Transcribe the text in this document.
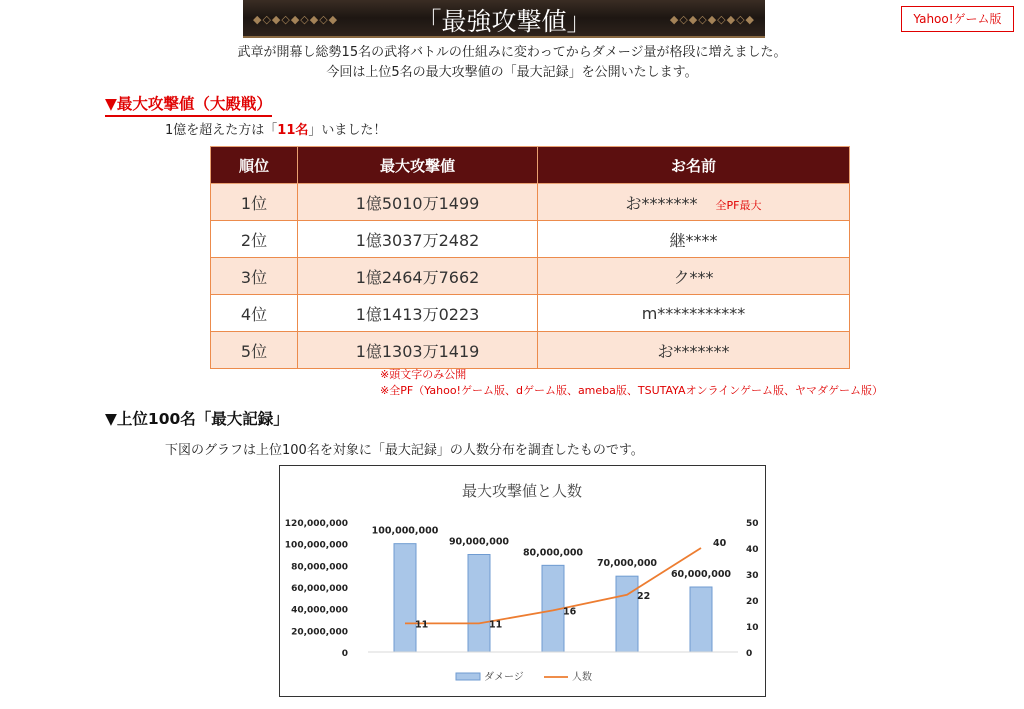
◆◇◆◇◆◇◆◇◆	「最強攻撃値」	◆◇◆◇◆◇◆◇◆	Yahoo!ゲーム版
武章が開幕し総勢15名の武将バトルの仕組みに変わってからダメージ量が格段に増えました。
今回は上位5名の最大攻撃値の「最大記録」を公開いたします。
▼最大攻撃値（大殿戦）
1億を超えた方は「11名」いました！
順位	最大攻撃値	お名前
1位	1億5010万1499	お******* 全PF最大
2位	1億3037万2482	継****
3位	1億2464万7662	ク***
4位	1億1413万0223	m***********
5位	1億1303万1419	お*******
※頭文字のみ公開
※全PF（Yahoo!ゲーム版、dゲーム版、ameba版、TSUTAYAオンラインゲーム版、ヤマダゲーム版）
▼上位100名「最大記録」
下図のグラフは上位100名を対象に「最大記録」の人数分布を調査したものです。
最大攻撃値と人数
0
20,000,000
40,000,000
60,000,000
80,000,000
100,000,000
120,000,000
0
10
20
30
40
50
100,000,000
90,000,000
80,000,000
70,000,000
60,000,000
11	11
16
22
40
ダメージ	人数
